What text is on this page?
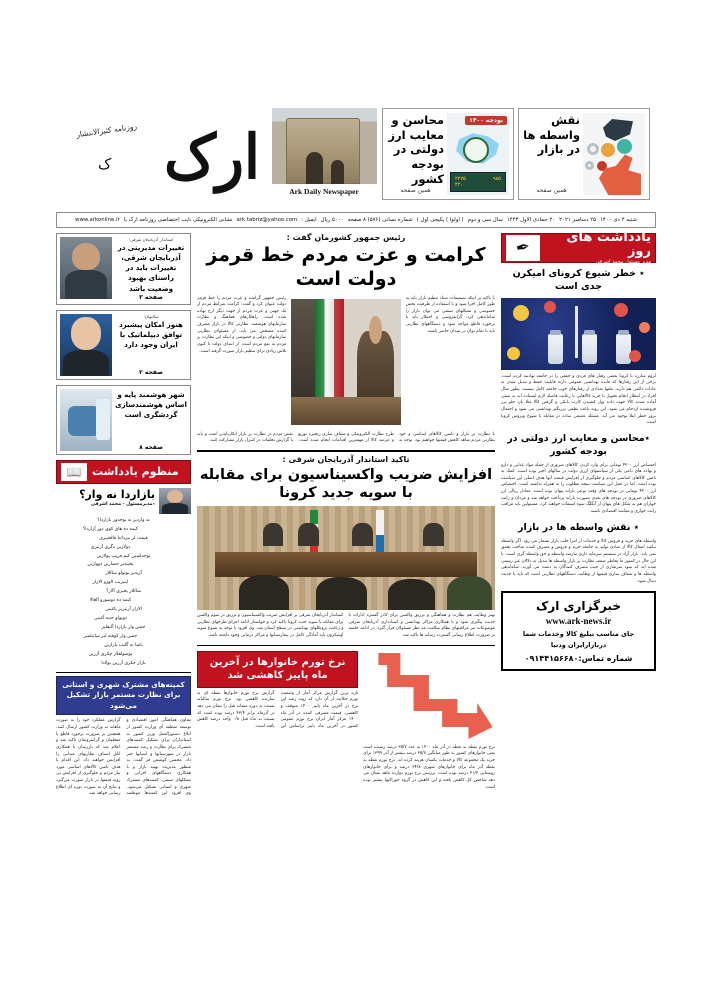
روزنامه کثیرالانتشار ارک
ک
Ark Daily Newspaper
محاسن و معایب ارز دولتی در بودجه کشور
همین صفحه
بودجه ۱۴۰۰
۲۲۷۵	۹۸۵
۴۲۰
نقش واسطه ها در بازار
همین صفحه
شنبه ۴ دی ۱۴۰۰
۲۵ دسامبر ۲۰۲۱
۲۰ جمادی الاول ۱۴۴۳
سال سی و دوم
( اولوا ) پکیجی اول )
شماره نسانی (۵۷۶) ۸ صفحه
۵۰۰۰ ریال
ایمیل :
ark.tabriz@yahoo.com
نشانی الکترونیکی نایب اختصاصی روزنامه ارک با
www.arkonline.ir
استاندار آذربایجان شرقی:
تغییرات مدیریتی در آذربایجان شرقی، تغییرات باید در راستای بهبود وضعیت باشد
صفحه ۳
سالیوان:
هنوز امکان پیشبرد توافق دیپلماتیک با ایران وجود دارد
صفحه ۲
شهر هوشمند پایه و اساس هوشمندسازی گردشگری است
صفحه ۸
منظوم یادداشت
📖
بازاردا نه وار؟
٭مدیرمسئول - محمد اشرفی
نه واردیر نه بوخدور بازاردا؟
کیمه ده های کوی دور آزاردا؟
قیمت لر بیرداننا قالخیبری
دولازین دگری آرتیری
توخداسین کیم قریب بولازین
یخیبدیر حضارین دووازین
آزیدیر بوتولو ساللار
ایتیریب الوزو الازار
ساللار یخیری آلار؟
کیمه ده دوشورو آلغالا
الازار آرتیریر یاغینی
دویولو جبنه آغینی
جنس وار بازاردا آلیقلیر
جنس وار کوفته لیر ساتیلمیر
باشا نه گلیب بازارین
یوشولقلار چکری آزرین
بازار جکری آزرین یولادا
کمیته‌های مشترک شهری و استانی برای نظارت مستمر بازار تشکیل می‌شود
معاون هماهنگی امور اقتصادی و توسعه منطقه ای وزارت کشور از ابلاغ دستورالعمل وزیر کشور به استانداران برای تشکیل کمیته‌های مشترک برای نظارت و رصد مستمر بازار در شهرستانها و استانها خبر داد. محسن کوشش فر گفت: به منظور مدیریت بهینه بازار و با همکاری دستگاههای اجرایی و تشکلهای صنفی، کمیته‌های مشترک شهری و استانی تشکیل می‌شود. وی افزود این کمیته‌ها موظفند گزارش عملکرد خود را به صورت ماهانه به وزارت کشور ارسال کنند. همچنین بر ضرورت برخورد قاطع با متخلفان و گرانفروشان تاکید شد و اعلام شد که بازرسان با همکاری اتاق اصناف نظارتهای میدانی را افزایش خواهند داد. این اقدام با هدف تامین کالاهای اساسی مورد نیاز مردم و جلوگیری از افزایش بی رویه قیمتها در بازار صورت می‌گیرد و نتایج آن به صورت دوره ای اطلاع رسانی خواهد شد.
رئیس جمهور کشورمان گفت :
کرامت و عزت مردم خط قرمز دولت است
رئیس جمهور گرامت و عزت مردم را خط قرمز دولت عنوان کرد و گفت: کرامت شرایط مردم از یک جهتی و عزت مردم از جهت دیگر ارج نهاده شده است. راهکارهای هماهنگ و نظارت سازمانهای هوشمند، نظارتی کالا در بازار مصرف کننده مشخص می باید. از مسئولان نظارتی سازمانهای دولتی و خصوصی و اینکه این نظارت بر مردم به نفع مردم است. از ابتدای دولت تا کنون تلاش زیادی برای تنظیم بازار صورت گرفته است.
با تاکید بر اینکه تصمیمات ستاد تنظیم بازار باید به طور کامل اجرا شود و با استفاده از ظرفیت بخش خصوصی و تشکلهای صنفی می توان بازار را ساماندهی کرد. گرانفروشی و احتکار باید با برخورد قاطع مواجه شود و دستگاههای نظارتی باید با تمام توان در میدان حاضر باشند.
با نظارت بر بازار و تامین کالاهای اساسی و خود نظارتی مردم شاهد کاهش قیمتها خواهیم بود. توجه به طرح نظارت الکترونیکی و شفاف سازی زنجیره توزیع و عرضه کالا از مهمترین اقدامات انجام شده است. نقش مردم در نظارت بر بازار انکارناپذیر است و باید با گزارش تخلفات در کنترل بازار مشارکت کنند.
تاکید استاندار آذربایجان شرقی :
افزایش ضریب واکسیناسیون برای مقابله با سویه جدید کرونا
استاندار آذربایجان شرقی بر افزایش ضریب واکسیناسیون و تزریق دز سوم واکسن برای مقابله با سویه جدید کرونا تاکید کرد و خواستار ادامه اجرای طرحهای نظارتی و رعایت پروتکلهای بهداشتی در سطح استان شد. وی افزود با توجه به شیوع سویه اومیکرون باید آمادگی کامل در بیمارستانها و مراکز درمانی وجود داشته باشد.
بهتر وظایف هم نظارت و هماهنگی و تزریق واکسن برای کادر گستره ادارات با جدیت پیگیری شود و با همکاری مراکز بهداشتی و استانداری آذربایجان شرقی موضوعات نیز مراقبتهای نظام سلامت مد نظر مسئولان قرار گیرد. در ادامه جلسه بر ضرورت اطلاع رسانی گسترده رسانه ها تاکید شد.
نرخ تورم خانوارها در آخرین ماه پاییز کاهشی شد
تازه ترین گزارش مرکز آمار از وضعیت تورم حکایت از آن دارد که روند رشد این نرخ در آخرین ماه پاییز ۱۴۰۰ متوقف و کاهشی. قیمت مصرفی کننده در آذر ماه ۱۴۰۰ مرکز آمار ایران نرخ تورم عمومی کشور در آخرین ماه پاییز براساس این گزارش نرخ تورم خانوارها نقطه ای به سازنده کاهشی بود. نرخ تورم سالیانه نسبت به دوره مشابه قبل را نشان می دهد در آذرماه برابر ۴۳/۴ درصد بوده است که نسبت به ماه قبل ۰/۸ واحد درصد کاهش یافته است.
نرخ تورم نقطه به نقطه در آذر ماه ۱۴۰۰ به عدد ۳۵/۷ درصد رسیده است یعنی خانوارهای کشور به طور میانگین ۳۵/۷ درصد بیشتر از آذر ۱۳۹۹ برای خرید یک مجموعه کالا و خدمات یکسان هزینه کرده اند. نرخ تورم نقطه به نقطه آذر ماه برای خانوارهای شهری ۳۴/۸ درصد و برای خانوارهای روستایی ۴۱/۳ درصد بوده است. بررسی نرخ تورم دوازده ماهه نشان می دهد شاخص کل کاهش یافته و این کاهش در گروه خوراکیها بیشتر بوده است.
یادداشت های روز
مدیر مسئول محمد اشرفی
✒
٭ خطر شیوع کرونای امیکرن جدی است
لزوم مبارزه با کرونا بعضی رفتار های فردی و جمعی را در جامعه نهادینه کرده است. برخی از این رفتارها که فایده بهداشتی عمومی دارند قابلیت حفظ و تبدیل شدن به عادات دائمی هم دارند. ملتها تعدادی از رفتارهای خوب جامعه کامل نیستند. بطور مثال افراد در انتظار انجام تحویل با خرید کالاهایی با رعایت فاصله لازم ایستاده اند به صفی آماده شدند کالا جهت داده پول کشیدن کارت بانکی و گرفتن کالا مثلا بان جلو برز فروشنده ازدحام می شود. این روند باعث نظمی پررنگتر بهداشتی می شود و احتمال بروز خطر ابتلا توجود می آید. مسئله عمیمی ساده در مقابله با شیوع ویروس کرونا است.
٭محاسن و معایب ارز دولتی در بودجه کشور
اختصاص ارز ۴۲۰۰ تومانی برای وارد کردن کالاهای ضروری از جمله مواد غذایی و دارو و نهاده های دامی یکی از سیاستهای ارزی دولت در سالهای اخیر بوده است. کمک به تامین کالاهای اساسی مردم و جلوگیری از افزایش قیمت آنها هدف اصلی این سیاست بوده است. اما در عمل این سیاست نتیجه مطلوب را به همراه نداشته است. اختصاص ارز ۴۲۰۰ تومانی در بودجه های وقت نوعی یارانه پنهان بوده است. معادل ریالی ارز کالاهای ضروری در بودجه های بعدی بصورت یارانه پرداخت خواهد شد و مزدان و رانت خواران هم به شکل های پنهان از آنگلگ سوء استفاده خواهند کرد. مستولین باید مراقب رانت خواری و مفاسد اقتصادی باشند.
٭ نقش واسطه ها در بازار
واسطه های خرید و فروش کالا و خدمات از امرا جلب بازار بشمار می رود. اگر واسطه نباشد انتقال کالا از صادی تولید به جامعه خرید و فروش و مصرف کننده صاحب تحقق نمی یابد. بازار آزاد در سیستم سرمایه داری نیازمند واسطه و حق واسطه گری است. با این حال در کشور ما بخاطر ضعف نظارت بر بازار واسطه ها تبدیل به دلالان غیر رسمی شده اند که سود سرشاری از جیب مصرف کنندگان به دست می آورند. ساماندهی واسطه ها و شفاف سازی قیمتها از وظایف دستگاههای نظارتی است که باید با جدیت دنبال شود.
خبرگزاری ارک
www.ark-news.ir
جای مناسب تبلیغ کالا وخدمات شما
دربازارایران ودنیا
شماره تماس:۰۹۱۴۴۱۵۶۶۸۰
